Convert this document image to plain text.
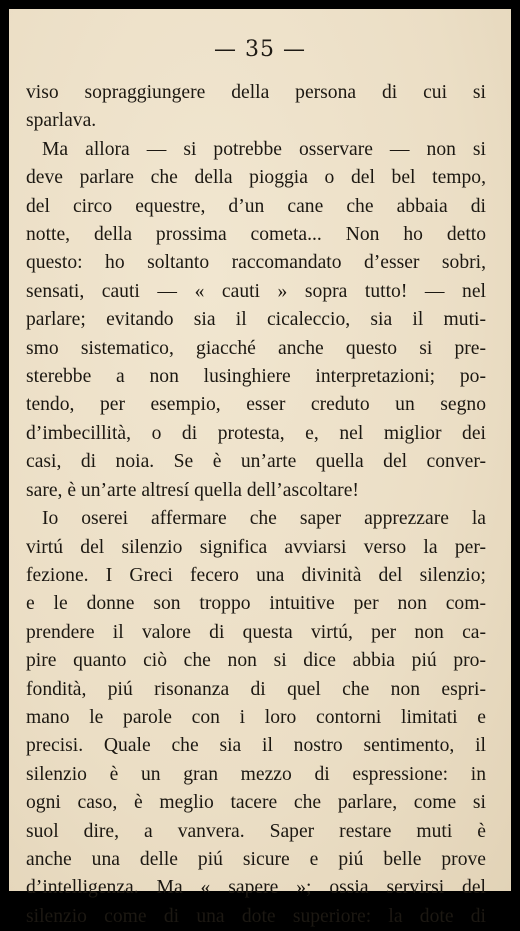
— 35 —
viso sopraggiungere della persona di cui si
sparlava.
Ma allora — si potrebbe osservare — non si
deve parlare che della pioggia o del bel tempo,
del circo equestre, d’un cane che abbaia di
notte, della prossima cometa... Non ho detto
questo: ho soltanto raccomandato d’esser sobri,
sensati, cauti — « cauti » sopra tutto! — nel
parlare; evitando sia il cicaleccio, sia il muti-
smo sistematico, giacché anche questo si pre-
sterebbe a non lusinghiere interpretazioni; po-
tendo, per esempio, esser creduto un segno
d’imbecillità, o di protesta, e, nel miglior dei
casi, di noia. Se è un’arte quella del conver-
sare, è un’arte altresí quella dell’ascoltare!
Io oserei affermare che saper apprezzare la
virtú del silenzio significa avviarsi verso la per-
fezione. I Greci fecero una divinità del silenzio;
e le donne son troppo intuitive per non com-
prendere il valore di questa virtú, per non ca-
pire quanto ciò che non si dice abbia piú pro-
fondità, piú risonanza di quel che non espri-
mano le parole con i loro contorni limitati e
precisi. Quale che sia il nostro sentimento, il
silenzio è un gran mezzo di espressione: in
ogni caso, è meglio tacere che parlare, come si
suol dire, a vanvera. Saper restare muti è
anche una delle piú sicure e piú belle prove
d’intelligenza. Ma « sapere »; ossia servirsi del
silenzio come di una dote superiore: la dote di
